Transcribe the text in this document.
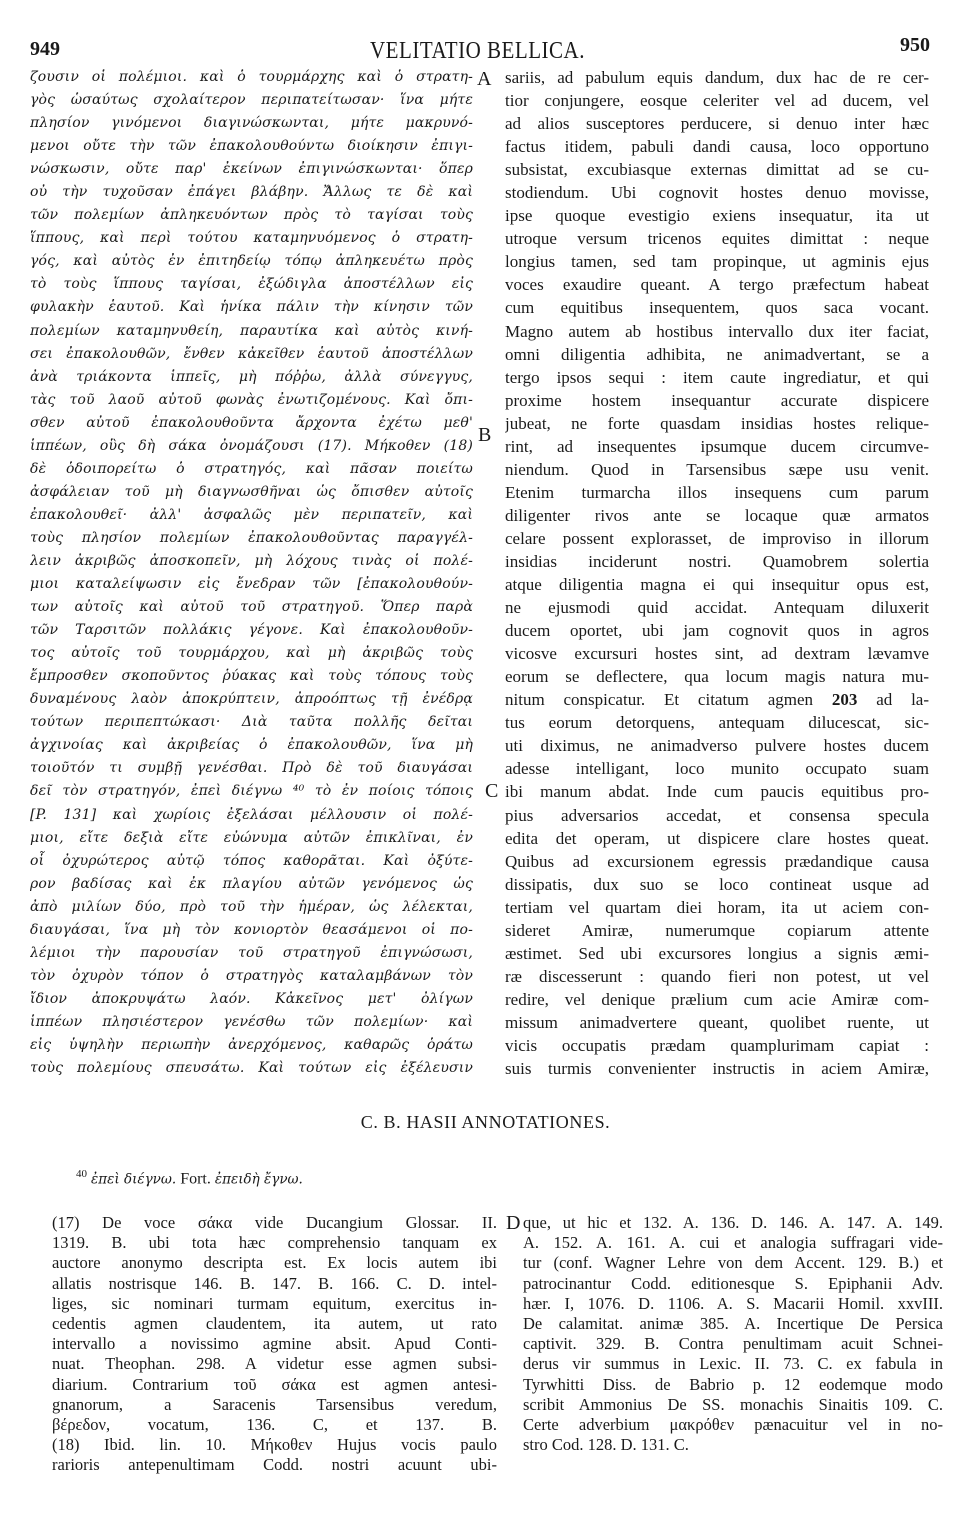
949	VELITATIO BELLICA.	950

ζουσιν οἱ πολέμιοι. καὶ ὁ τουρμάρχης καὶ ὁ στρατη-

γὸς ὡσαύτως σχολαίτερον περιπατείτωσαν· ἵνα μήτε

πλησίον γινόμενοι διαγινώσκωνται, μήτε μακρυνό-

μενοι οὔτε τὴν τῶν ἐπακολουθούντω διοίκησιν ἐπιγι-

νώσκωσιν, οὔτε παρ' ἐκείνων ἐπιγινώσκωνται· ὅπερ

οὐ τὴν τυχοῦσαν ἐπάγει βλάβην. Ἄλλως τε δὲ καὶ

τῶν πολεμίων ἀπληκευόντων πρὸς τὸ ταγίσαι τοὺς

ἵππους, καὶ περὶ τούτου καταμηνυόμενος ὁ στρατη-

γός, καὶ αὐτὸς ἐν ἐπιτηδείῳ τόπῳ ἀπληκευέτω πρὸς

τὸ τοὺς ἵππους ταγίσαι, ἐξώδιγλα ἀποστέλλων εἰς

φυλακὴν ἑαυτοῦ. Καὶ ἡνίκα πάλιν τὴν κίνησιν τῶν

πολεμίων καταμηνυθείη, παραυτίκα καὶ αὐτὸς κινή-

σει ἐπακολουθῶν, ἔνθεν κἀκεῖθεν ἑαυτοῦ ἀποστέλλων

ἀνὰ τριάκοντα ἱππεῖς, μὴ πόῤῥω, ἀλλὰ σύνεγγυς,

τὰς τοῦ λαοῦ αὐτοῦ φωνὰς ἐνωτιζομένους. Καὶ ὄπι-

σθεν αὐτοῦ ἐπακολουθοῦντα ἄρχοντα ἐχέτω μεθ'

ἱππέων, οὓς δὴ σάκα ὀνομάζουσι (17). Μήκοθεν (18)

δὲ ὁδοιπορείτω ὁ στρατηγός, καὶ πᾶσαν ποιείτω

ἀσφάλειαν τοῦ μὴ διαγνωσθῆναι ὡς ὄπισθεν αὐτοῖς

ἐπακολουθεῖ· ἀλλ' ἀσφαλῶς μὲν περιπατεῖν, καὶ

τοὺς πλησίον πολεμίων ἐπακολουθοῦντας παραγγέλ-

λειν ἀκριβῶς ἀποσκοπεῖν, μὴ λόχους τινὰς οἱ πολέ-

μιοι καταλείψωσιν εἰς ἔνεδραν τῶν [ἐπακολουθούν-

των αὐτοῖς καὶ αὐτοῦ τοῦ στρατηγοῦ. Ὅπερ παρὰ

τῶν Ταρσιτῶν πολλάκις γέγονε. Καὶ ἐπακολουθοῦν-

τος αὐτοῖς τοῦ τουρμάρχου, καὶ μὴ ἀκριβῶς τοὺς

ἔμπροσθεν σκοποῦντος ῥύακας καὶ τοὺς τόπους τοὺς

δυναμένους λαὸν ἀποκρύπτειν, ἀπροόπτως τῇ ἐνέδρᾳ

τούτων περιπεπτώκασι· Διὰ ταῦτα πολλῆς δεῖται

ἀγχινοίας καὶ ἀκριβείας ὁ ἐπακολουθῶν, ἵνα μὴ

τοιοῦτόν τι συμβῇ γενέσθαι. Πρὸ δὲ τοῦ διαυγάσαι

δεῖ τὸν στρατηγόν, ἐπεὶ διέγνω ⁴⁰ τὸ ἐν ποίοις τόποις

[P. 131] καὶ χωρίοις ἐξελάσαι μέλλουσιν οἱ πολέ-

μιοι, εἴτε δεξιὰ εἴτε εὐώνυμα αὐτῶν ἐπικλῖναι, ἐν

οἷ ὀχυρώτερος αὐτῷ τόπος καθορᾶται. Καὶ ὀξύτε-

ρον βαδίσας καὶ ἐκ πλαγίου αὐτῶν γενόμενος ὡς

ἀπὸ μιλίων δύο, πρὸ τοῦ τὴν ἡμέραν, ὡς λέλεκται,

διαυγάσαι, ἵνα μὴ τὸν κονιορτὸν θεασάμενοι οἱ πο-

λέμιοι τὴν παρουσίαν τοῦ στρατηγοῦ ἐπιγνώσωσι,

τὸν ὀχυρὸν τόπον ὁ στρατηγὸς καταλαμβάνων τὸν

ἴδιον ἀποκρυψάτω λαόν. Κἀκεῖνος μετ' ὀλίγων

ἱππέων πλησιέστερον γενέσθω τῶν πολεμίων· καὶ

εἰς ὑψηλὴν περιωπὴν ἀνερχόμενος, καθαρῶς ὁράτω

τοὺς πολεμίους σπευσάτω. Καὶ τούτων εἰς ἐξέλευσιν

sariis, ad pabulum equis dandum, dux hac de re cer-

tior conjungere, eosque celeriter vel ad ducem, vel

ad alios susceptores perducere, si denuo inter hæc

factus itidem, pabuli dandi causa, loco opportuno

subsistat, excubiasque externas dimittat ad se cu-

stodiendum. Ubi cognovit hostes denuo movisse,

ipse quoque evestigio exiens insequatur, ita ut

utroque versum tricenos equites dimittat : neque

longius tamen, sed tam propinque, ut agminis ejus

voces exaudire queant. A tergo præfectum habeat

cum equitibus insequentem, quos saca vocant.

Magno autem ab hostibus intervallo dux iter faciat,

omni diligentia adhibita, ne animadvertant, se a

tergo ipsos sequi : item caute ingrediatur, et qui

proxime hostem insequantur accurate dispicere

jubeat, ne forte quasdam insidias hostes relique-

rint, ad insequentes ipsumque ducem circumve-

niendum. Quod in Tarsensibus sæpe usu venit.

Etenim turmarcha illos insequens cum parum

diligenter rivos ante se locaque quæ armatos

celare possent explorasset, de improviso in illorum

insidias inciderunt nostri. Quamobrem solertia

atque diligentia magna ei qui insequitur opus est,

ne ejusmodi quid accidat. Antequam diluxerit

ducem oportet, ubi jam cognovit quos in agros

vicosve excursuri hostes sint, ad dextram lævamve

eorum se deflectere, qua locum magis natura mu-

nitum conspicatur. Et citatum agmen 203 ad la-

tus eorum detorquens, antequam dilucescat, sic-

uti diximus, ne animadverso pulvere hostes ducem

adesse intelligant, loco munito occupato suam

ibi manum abdat. Inde cum paucis equitibus pro-

pius adversarios accedat, et consensa specula

edita det operam, ut dispicere clare hostes queat.

Quibus ad excursionem egressis prædandique causa

dissipatis, dux suo se loco contineat usque ad

tertiam vel quartam diei horam, ita ut aciem con-

sideret Amiræ, numerumque copiarum attente

æstimet. Sed ubi excursores longius a signis æmi-

ræ discesserunt : quando fieri non potest, ut vel

redire, vel denique prælium cum acie Amiræ com-

missum animadvertere queant, quolibet ruente, ut

vicis occupatis prædam quamplurimam capiat :

suis turmis convenienter instructis in aciem Amiræ,

A
B
C
D
C. B. HASII ANNOTATIONES.
$^{40}$ ἐπεὶ διέγνω. Fort. ἐπειδὴ ἔγνω.

(17) De voce σάκα vide Ducangium Glossar. II.

1319. B. ubi tota hæc comprehensio tanquam ex

auctore anonymo descripta est. Ex locis autem ibi

allatis nostrisque 146. B. 147. B. 166. C. D. intel-

liges, sic nominari turmam equitum, exercitus in-

cedentis agmen claudentem, ita autem, ut rato

intervallo a novissimo agmine absit. Apud Conti-

nuat. Theophan. 298. A videtur esse agmen subsi-

diarium. Contrarium τοῦ σάκα est agmen antesi-

gnanorum, a Saracenis Tarsensibus veredum,

βέρεδον, vocatum, 136. C, et 137. B.

(18) Ibid. lin. 10. Μήκοθεν Hujus vocis paulo

rarioris antepenultimam Codd. nostri acuunt ubi-

que, ut hic et 132. A. 136. D. 146. A. 147. A. 149.

A. 152. A. 161. A. cui et analogia suffragari vide-

tur (conf. Wagner Lehre von dem Accent. 129. B.) et

patrocinantur Codd. editionesque S. Epiphanii Adv.

hær. I, 1076. D. 1106. A. S. Macarii Homil. xxvIII.

De calamitat. animæ 385. A. Incertique De Persica

captivit. 329. B. Contra penultimam acuit Schnei-

derus vir summus in Lexic. II. 73. C. ex fabula in

Tyrwhitti Diss. de Babrio p. 12 eodemque modo

scribit Ammonius De SS. monachis Sinaitis 109. C.

Certe adverbium μακρόθεν pænacuitur vel in no-

stro Cod. 128. D. 131. C.
